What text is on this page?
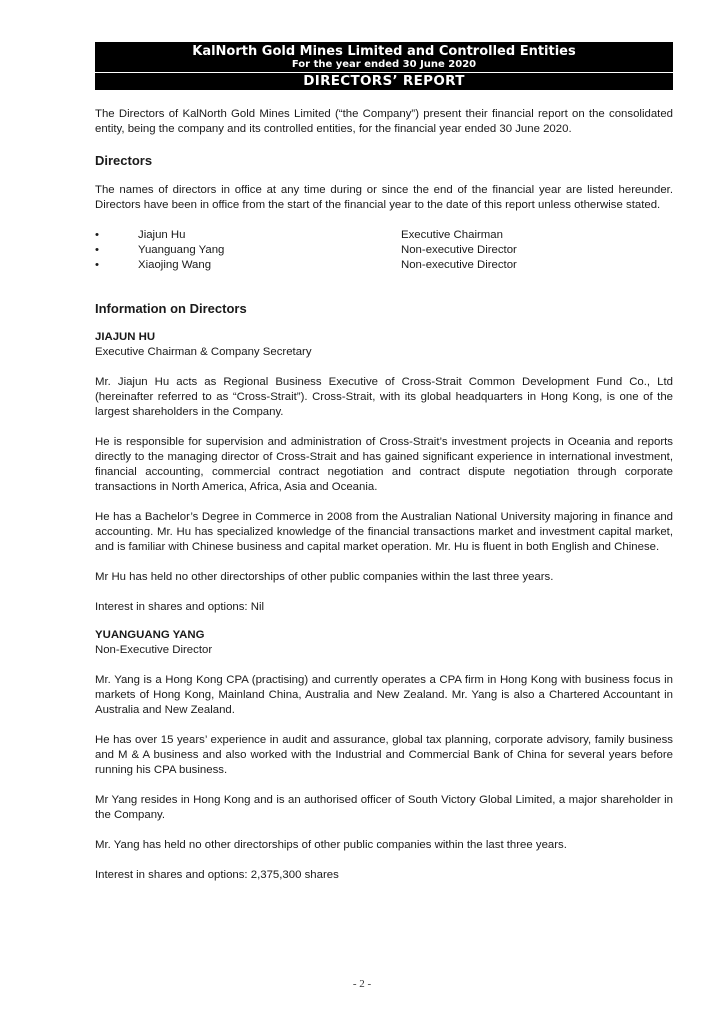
KalNorth Gold Mines Limited and Controlled Entities
For the year ended 30 June 2020
DIRECTORS’ REPORT

The Directors of KalNorth Gold Mines Limited (“the Company”) present their financial report on the consolidated entity, being the company and its controlled entities, for the financial year ended 30 June 2020.

Directors

The names of directors in office at any time during or since the end of the financial year are listed hereunder. Directors have been in office from the start of the financial year to the date of this report unless otherwise stated.

•	Jiajun Hu	Executive Chairman
•	Yuanguang Yang	Non-executive Director
•	Xiaojing Wang	Non-executive Director
Information on Directors
JIAJUN HU
Executive Chairman & Company Secretary

Mr. Jiajun Hu acts as Regional Business Executive of Cross-Strait Common Development Fund Co., Ltd (hereinafter referred to as “Cross-Strait”). Cross-Strait, with its global headquarters in Hong Kong, is one of the largest shareholders in the Company.

He is responsible for supervision and administration of Cross-Strait’s investment projects in Oceania and reports directly to the managing director of Cross-Strait and has gained significant experience in international investment, financial accounting, commercial contract negotiation and contract dispute negotiation through corporate transactions in North America, Africa, Asia and Oceania.

He has a Bachelor’s Degree in Commerce in 2008 from the Australian National University majoring in finance and accounting. Mr. Hu has specialized knowledge of the financial transactions market and investment capital market, and is familiar with Chinese business and capital market operation. Mr. Hu is fluent in both English and Chinese.

Mr Hu has held no other directorships of other public companies within the last three years.

Interest in shares and options: Nil

YUANGUANG YANG
Non-Executive Director

Mr. Yang is a Hong Kong CPA (practising) and currently operates a CPA firm in Hong Kong with business focus in markets of Hong Kong, Mainland China, Australia and New Zealand. Mr. Yang is also a Chartered Accountant in Australia and New Zealand.

He has over 15 years’ experience in audit and assurance, global tax planning, corporate advisory, family business and M & A business and also worked with the Industrial and Commercial Bank of China for several years before running his CPA business.

Mr Yang resides in Hong Kong and is an authorised officer of South Victory Global Limited, a major shareholder in the Company.

Mr. Yang has held no other directorships of other public companies within the last three years.

Interest in shares and options: 2,375,300 shares

- 2 -
